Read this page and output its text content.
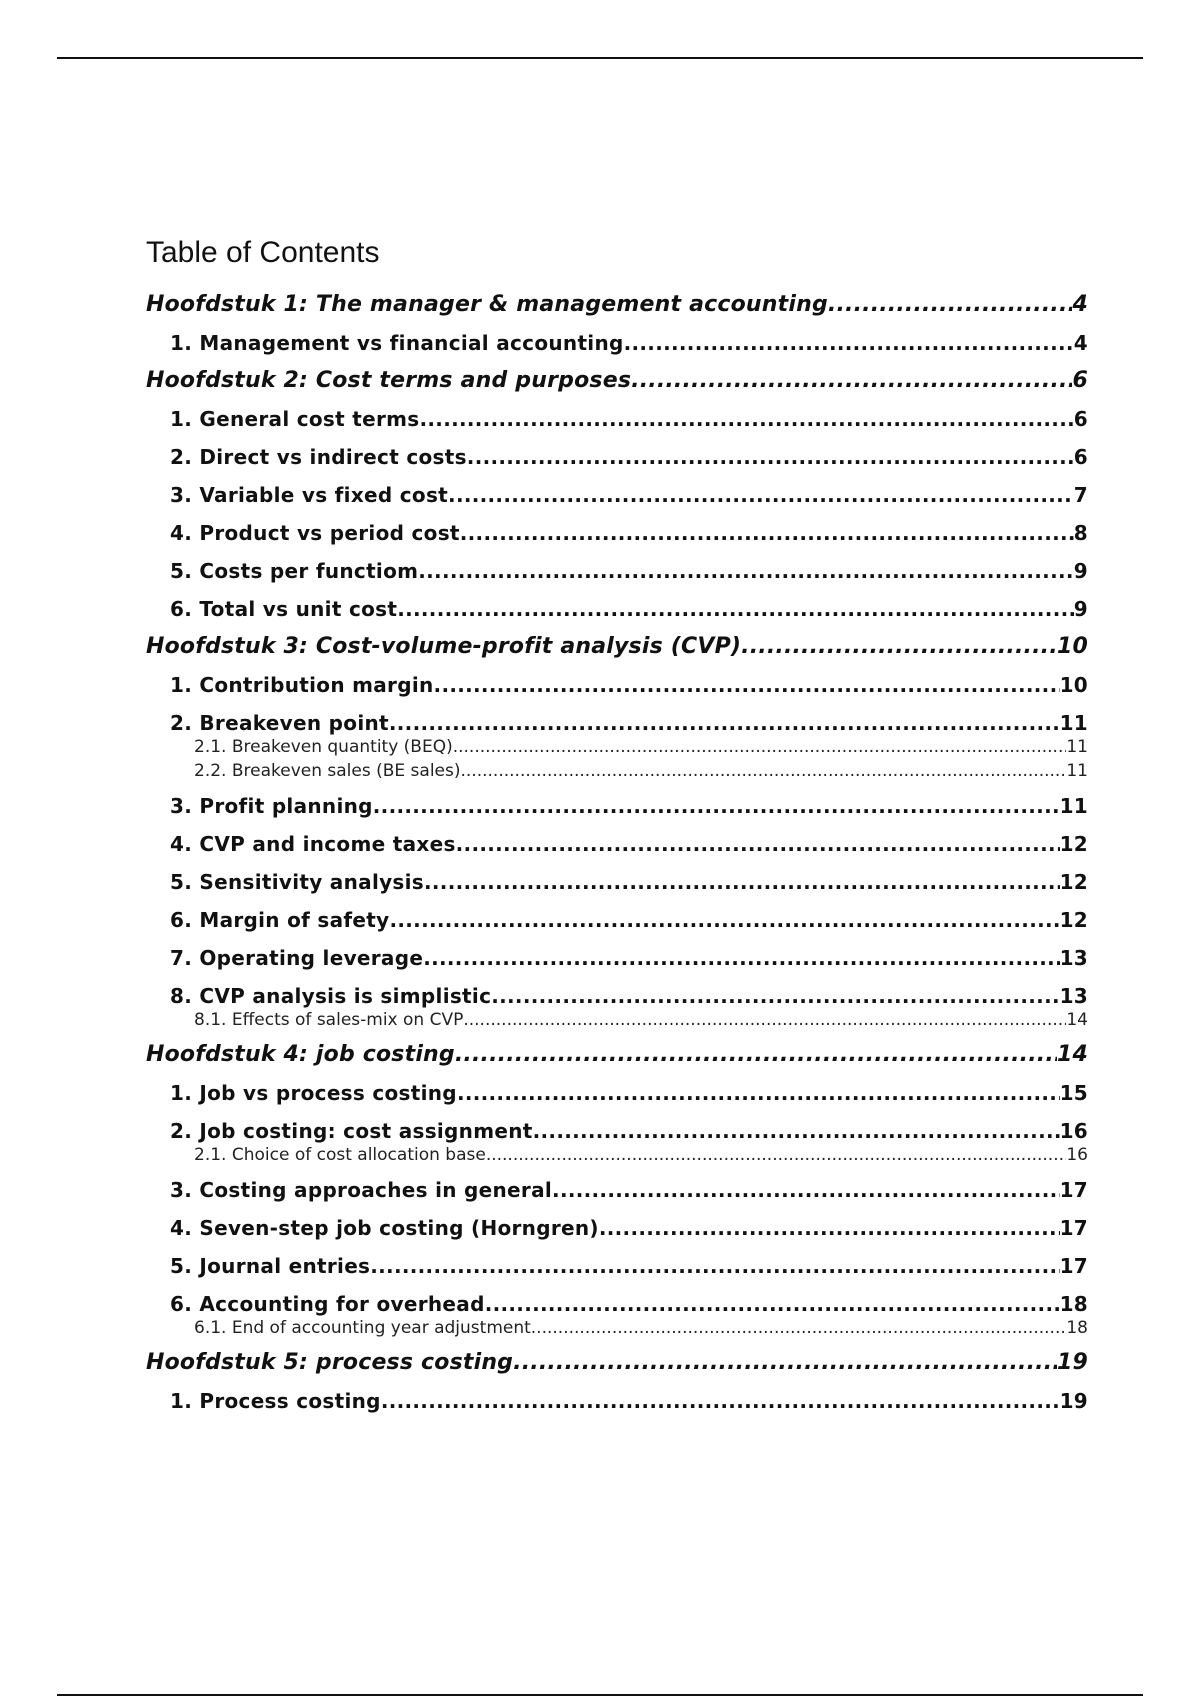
Table of Contents
Hoofdstuk 1: The manager & management accounting .....	4
1. Management vs financial accounting .....	4
Hoofdstuk 2: Cost terms and purposes .....	6
1. General cost terms .....	6
2. Direct vs indirect costs .....	6
3. Variable vs fixed cost .....	7
4. Product vs period cost .....	8
5. Costs per functiom .....	9
6. Total vs unit cost .....	9
Hoofdstuk 3: Cost-volume-profit analysis (CVP) .....	10
1. Contribution margin .....	10
2. Breakeven point .....	11
2.1. Breakeven quantity (BEQ) .....	11
2.2. Breakeven sales (BE sales) .....	11
3. Profit planning .....	11
4. CVP and income taxes .....	12
5. Sensitivity analysis .....	12
6. Margin of safety .....	12
7. Operating leverage .....	13
8. CVP analysis is simplistic .....	13
8.1. Effects of sales-mix on CVP .....	14
Hoofdstuk 4: job costing .....	14
1. Job vs process costing .....	15
2. Job costing: cost assignment .....	16
2.1. Choice of cost allocation base .....	16
3. Costing approaches in general .....	17
4. Seven-step job costing (Horngren) .....	17
5. Journal entries .....	17
6. Accounting for overhead .....	18
6.1. End of accounting year adjustment .....	18
Hoofdstuk 5: process costing .....	19
1. Process costing .....	19
